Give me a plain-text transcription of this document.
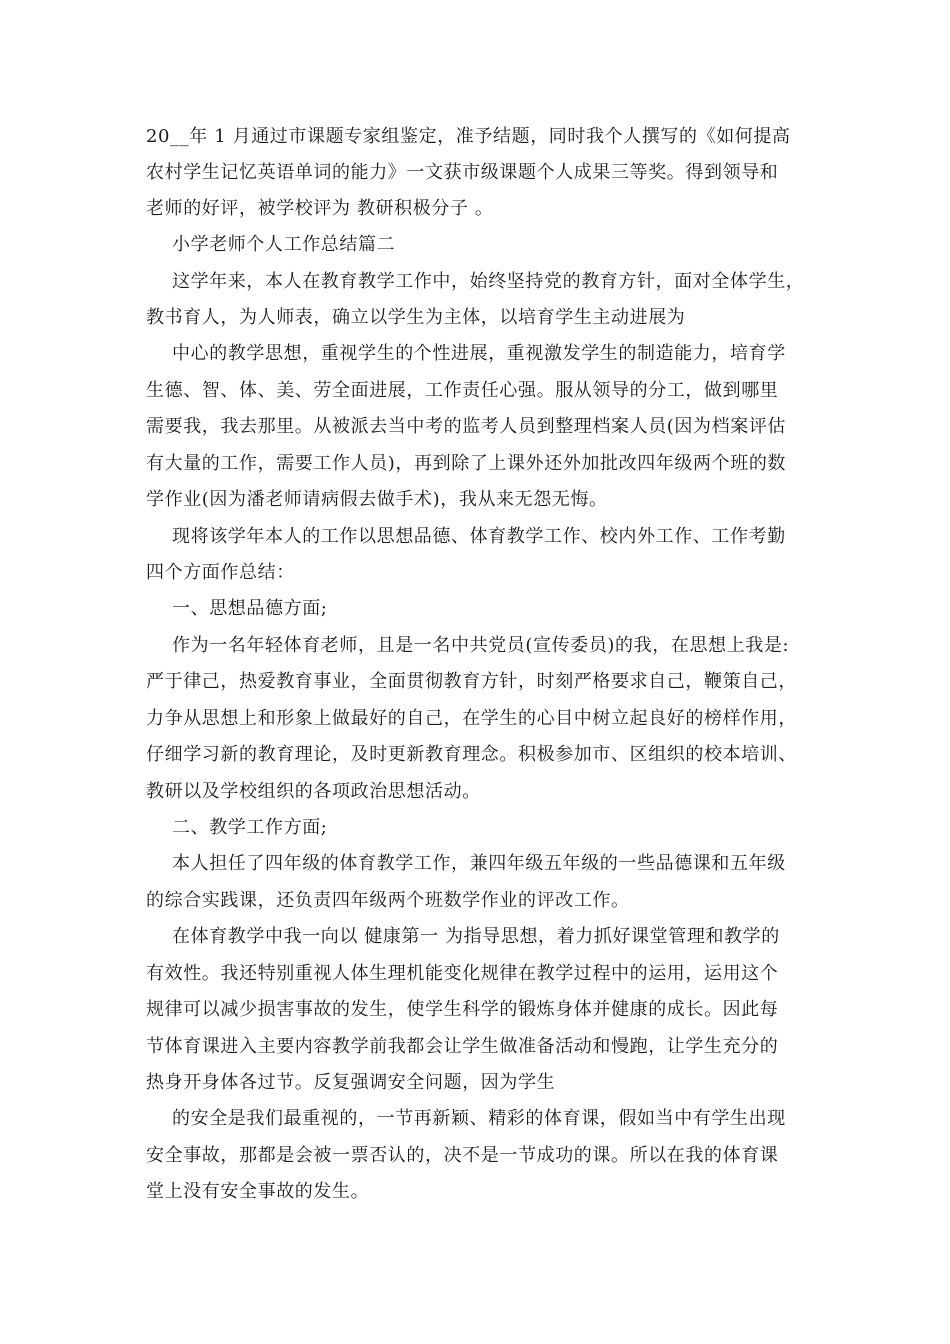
20__年 1 月通过市课题专家组鉴定，准予结题，同时我个人撰写的《如何提高
农村学生记忆英语单词的能力》一文获市级课题个人成果三等奖。得到领导和
老师的好评，被学校评为 教研积极分子 。
小学老师个人工作总结篇二
这学年来，本人在教育教学工作中，始终坚持党的教育方针，面对全体学生，
教书育人，为人师表，确立以学生为主体，以培育学生主动进展为
中心的教学思想，重视学生的个性进展，重视激发学生的制造能力，培育学
生德、智、体、美、劳全面进展，工作责任心强。服从领导的分工，做到哪里
需要我，我去那里。从被派去当中考的监考人员到整理档案人员(因为档案评估
有大量的工作，需要工作人员)，再到除了上课外还外加批改四年级两个班的数
学作业(因为潘老师请病假去做手术)，我从来无怨无悔。
现将该学年本人的工作以思想品德、体育教学工作、校内外工作、工作考勤
四个方面作总结：
一、思想品德方面;
作为一名年轻体育老师，且是一名中共党员(宣传委员)的我，在思想上我是:
严于律己，热爱教育事业，全面贯彻教育方针，时刻严格要求自己，鞭策自己，
力争从思想上和形象上做最好的自己，在学生的心目中树立起良好的榜样作用，
仔细学习新的教育理论，及时更新教育理念。积极参加市、区组织的校本培训、
教研以及学校组织的各项政治思想活动。
二、教学工作方面;
本人担任了四年级的体育教学工作，兼四年级五年级的一些品德课和五年级
的综合实践课，还负责四年级两个班数学作业的评改工作。
在体育教学中我一向以 健康第一 为指导思想，着力抓好课堂管理和教学的
有效性。我还特别重视人体生理机能变化规律在教学过程中的运用，运用这个
规律可以减少损害事故的发生，使学生科学的锻炼身体并健康的成长。因此每
节体育课进入主要内容教学前我都会让学生做准备活动和慢跑，让学生充分的
热身开身体各过节。反复强调安全问题，因为学生
的安全是我们最重视的，一节再新颖、精彩的体育课，假如当中有学生出现
安全事故，那都是会被一票否认的，决不是一节成功的课。所以在我的体育课
堂上没有安全事故的发生。
